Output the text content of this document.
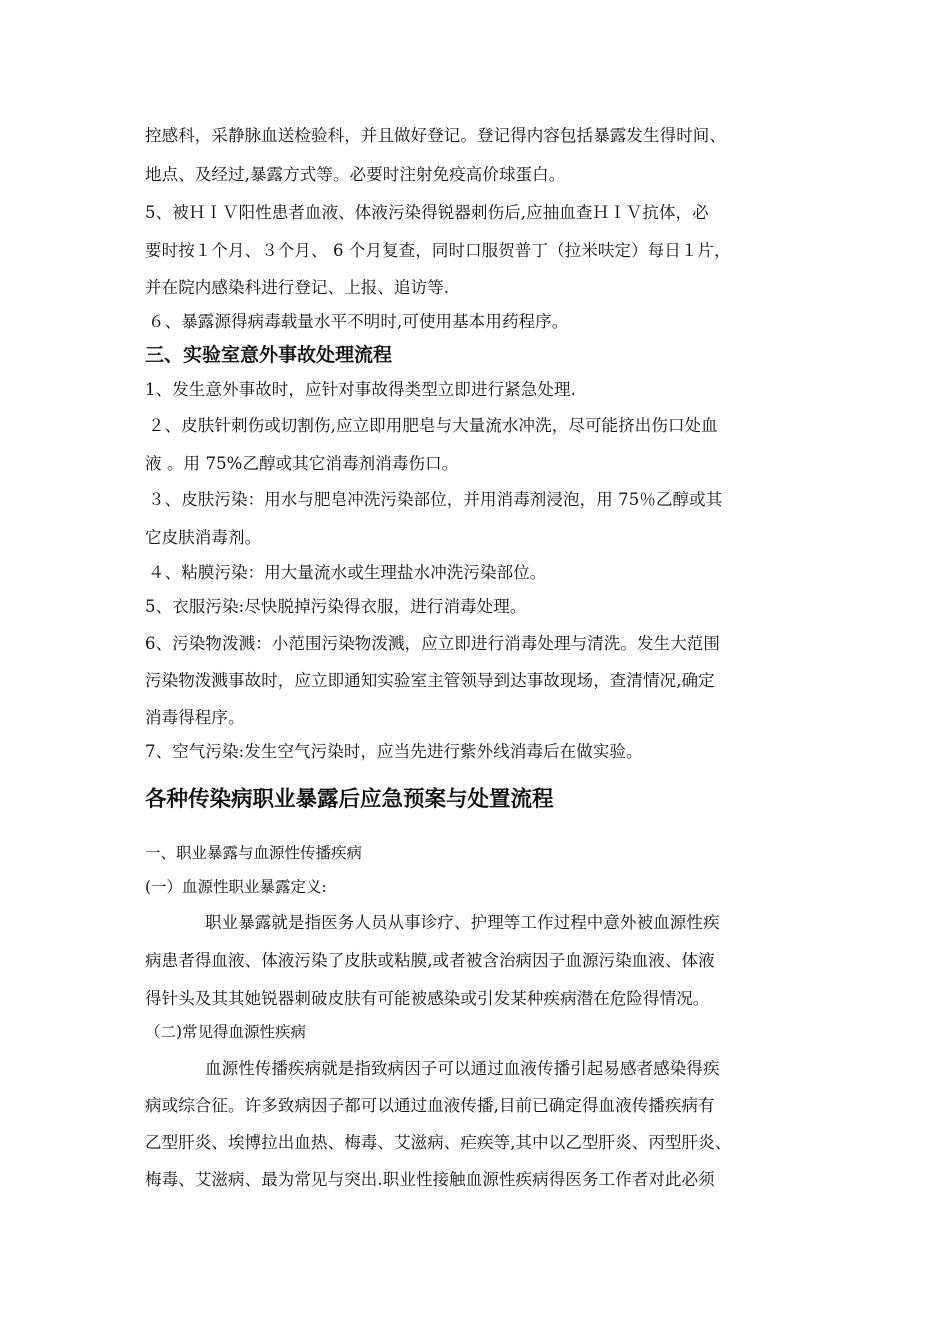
控感科，采静脉血送检验科，并且做好登记。登记得内容包括暴露发生得时间、
地点、及经过,暴露方式等。必要时注射免疫高价球蛋白。
5、被ＨＩＶ阳性患者血液、体液污染得锐器刺伤后,应抽血查ＨＩＶ抗体，必
要时按１个月、３个月、 6 个月复查，同时口服贺普丁（拉米呋定）每日１片，
并在院内感染科进行登记、上报、追访等.
６、暴露源得病毒载量水平不明时,可使用基本用药程序。
三、实验室意外事故处理流程
1、发生意外事故时，应针对事故得类型立即进行紧急处理.
２、皮肤针刺伤或切割伤,应立即用肥皂与大量流水冲洗，尽可能挤出伤口处血
液 。用 75%乙醇或其它消毒剂消毒伤口。
３、皮肤污染：用水与肥皂冲洗污染部位，并用消毒剂浸泡，用 75％乙醇或其
它皮肤消毒剂。
４、粘膜污染：用大量流水或生理盐水冲洗污染部位。
5、衣服污染:尽快脱掉污染得衣服，进行消毒处理。
6、污染物泼溅：小范围污染物泼溅，应立即进行消毒处理与清洗。发生大范围
污染物泼溅事故时，应立即通知实验室主管领导到达事故现场，查清情况,确定
消毒得程序。
7、空气污染:发生空气污染时，应当先进行紫外线消毒后在做实验。
各种传染病职业暴露后应急预案与处置流程
一、职业暴露与血源性传播疾病
(一）血源性职业暴露定义:
职业暴露就是指医务人员从事诊疗、护理等工作过程中意外被血源性疾
病患者得血液、体液污染了皮肤或粘膜,或者被含治病因子血源污染血液、体液
得针头及其其她锐器刺破皮肤有可能被感染或引发某种疾病潜在危险得情况。
（二)常见得血源性疾病
血源性传播疾病就是指致病因子可以通过血液传播引起易感者感染得疾
病或综合征。许多致病因子都可以通过血液传播,目前已确定得血液传播疾病有
乙型肝炎、埃博拉出血热、梅毒、艾滋病、疟疾等,其中以乙型肝炎、丙型肝炎、
梅毒、艾滋病、最为常见与突出.职业性接触血源性疾病得医务工作者对此必须
